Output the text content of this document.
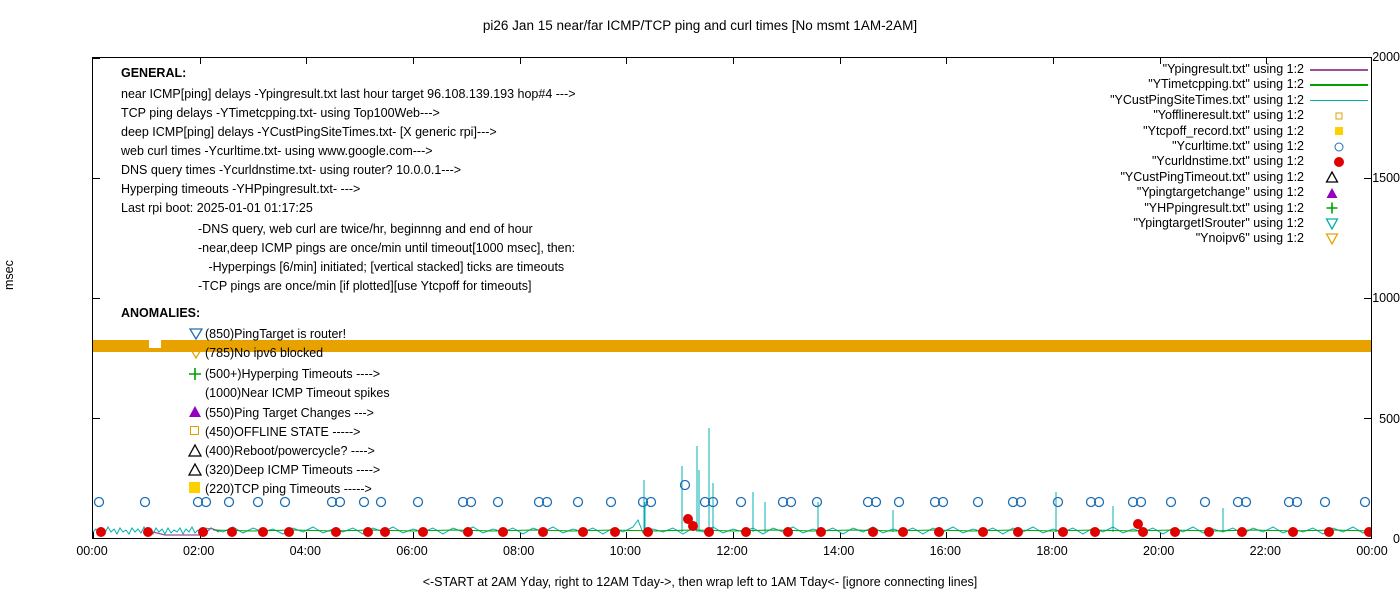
pi26 Jan 15 near/far ICMP/TCP ping and curl times [No msmt 1AM-2AM]
msec
0
500
1000
1500
2000
00:00	02:00	04:00	06:00	08:00	10:00	12:00	14:00	16:00	18:00	20:00	22:00	00:00
<-START at 2AM Yday, right to 12AM Tday->, then wrap left to 1AM Tday<- [ignore connecting lines]
GENERAL:
near ICMP[ping] delays -Ypingresult.txt last hour target 96.108.139.193 hop#4 --->
TCP ping delays -YTimetcpping.txt- using Top100Web--->
deep ICMP[ping] delays -YCustPingSiteTimes.txt- [X generic rpi]--->
web curl times -Ycurltime.txt- using www.google.com--->
DNS query times -Ycurldnstime.txt- using router? 10.0.0.1--->
Hyperping timeouts -YHPpingresult.txt- --->
Last rpi boot: 2025-01-01 01:17:25
-DNS query, web curl are twice/hr, beginnng and end of hour
-near,deep ICMP pings are once/min until timeout[1000 msec], then:
-Hyperpings [6/min] initiated; [vertical stacked] ticks are timeouts
-TCP pings are once/min [if plotted][use Ytcpoff for timeouts]
ANOMALIES:
(850)PingTarget is router!
(785)No ipv6 blocked
(500+)Hyperping Timeouts ---->
(1000)Near ICMP Timeout spikes
(550)Ping Target Changes --->
(450)OFFLINE STATE ----->
(400)Reboot/powercycle? ---->
(320)Deep ICMP Timeouts ---->
(220)TCP ping Timeouts ----->
"Ypingresult.txt" using 1:2
"YTimetcpping.txt" using 1:2
"YCustPingSiteTimes.txt" using 1:2
"Yofflineresult.txt" using 1:2
"Ytcpoff_record.txt" using 1:2
"Ycurltime.txt" using 1:2
"Ycurldnstime.txt" using 1:2
"YCustPingTimeout.txt" using 1:2
"Ypingtargetchange" using 1:2
"YHPpingresult.txt" using 1:2
"YpingtargetISrouter" using 1:2
"Ynoipv6" using 1:2
